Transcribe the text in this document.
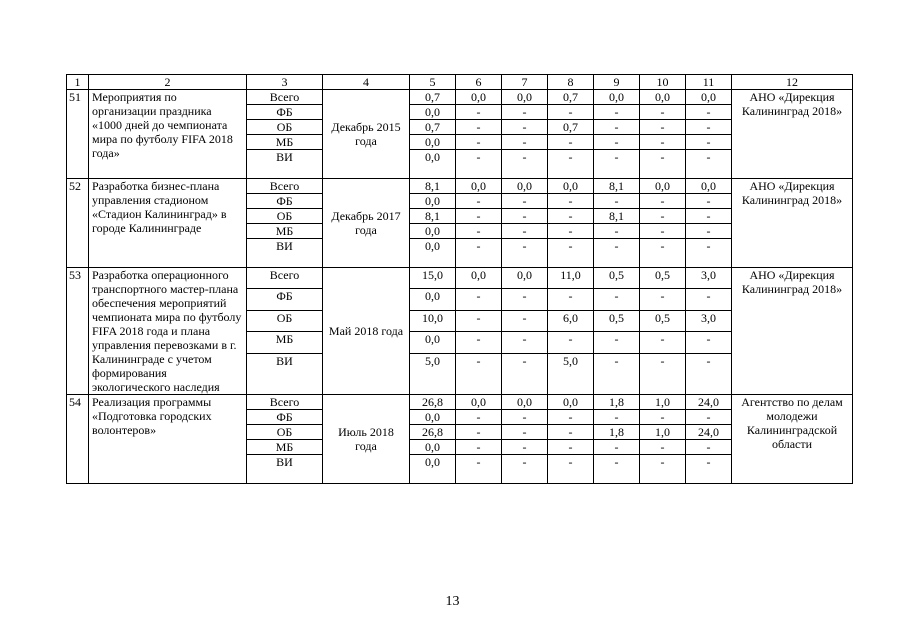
1	2	3	4	5	6	7	8	9	10	11	12
51	Мероприятия по организации праздника «1000 дней до чемпионата мира по футболу FIFA 2018 года»	Всего	Декабрь 2015 года	0,7	0,0	0,0	0,7	0,0	0,0	0,0	АНО «Дирекция Калининград 2018»
		ФБ		0,0	-	-	-	-	-	-	
		ОБ		0,7	-	-	0,7	-	-	-	
		МБ		0,0	-	-	-	-	-	-	
		ВИ		0,0	-	-	-	-	-	-	
52	Разработка бизнес-плана управления стадионом «Стадион Калининград» в городе Калининграде	Всего	Декабрь 2017 года	8,1	0,0	0,0	0,0	8,1	0,0	0,0	АНО «Дирекция Калининград 2018»
		ФБ		0,0	-	-	-	-	-	-	
		ОБ		8,1	-	-	-	8,1	-	-	
		МБ		0,0	-	-	-	-	-	-	
		ВИ		0,0	-	-	-	-	-	-	
53	Разработка операционного транспортного мастер-плана обеспечения мероприятий чемпионата мира по футболу FIFA 2018 года и плана управления перевозками в г. Калининграде с учетом формирования экологического наследия	Всего	Май 2018 года	15,0	0,0	0,0	11,0	0,5	0,5	3,0	АНО «Дирекция Калининград 2018»
		ФБ		0,0	-	-	-	-	-	-	
		ОБ		10,0	-	-	6,0	0,5	0,5	3,0	
		МБ		0,0	-	-	-	-	-	-	
		ВИ		5,0	-	-	5,0	-	-	-	
54	Реализация программы «Подготовка городских волонтеров»	Всего	Июль 2018 года	26,8	0,0	0,0	0,0	1,8	1,0	24,0	Агентство по делам молодежи Калининградской области
		ФБ		0,0	-	-	-	-	-	-	
		ОБ		26,8	-	-	-	1,8	1,0	24,0	
		МБ		0,0	-	-	-	-	-	-	
		ВИ		0,0	-	-	-	-	-	-	
13
